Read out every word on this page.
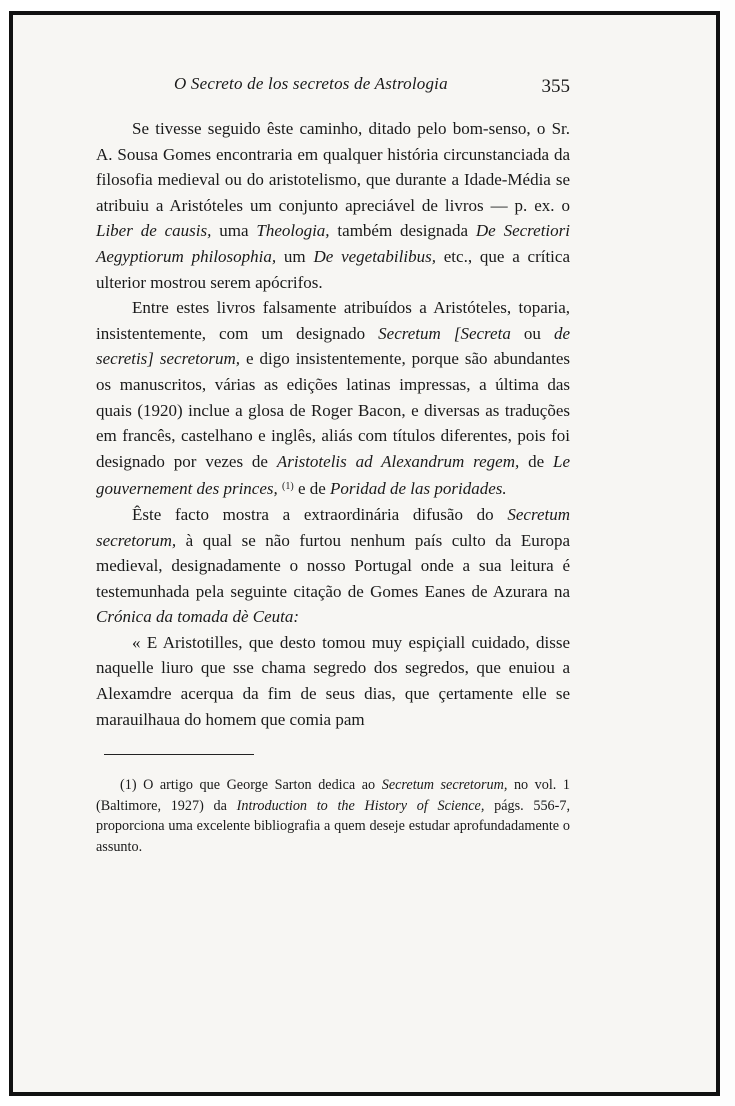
O Secreto de los secretos de Astrologia	355

Se tivesse seguido êste caminho, ditado pelo bom-senso, o Sr. A. Sousa Gomes encontraria em qualquer história circunstanciada da filosofia medieval ou do aristotelismo, que durante a Idade-Média se atribuiu a Aristóteles um conjunto apreciável de livros — p. ex. o Liber de causis, uma Theologia, também designada De Secretiori Aegyptiorum philosophia, um De vegetabilibus, etc., que a crítica ulterior mostrou serem apócrifos.

Entre estes livros falsamente atribuídos a Aristóteles, toparia, insistentemente, com um designado Secretum [Secreta ou de secretis] secretorum, e digo insistentemente, porque são abundantes os manuscritos, várias as edições latinas impressas, a última das quais (1920) inclue a glosa de Roger Bacon, e diversas as traduções em francês, castelhano e inglês, aliás com títulos diferentes, pois foi designado por vezes de Aristotelis ad Alexandrum regem, de Le gouvernement des princes, $^{(1)}$ e de Poridad de las poridades.

Êste facto mostra a extraordinária difusão do Secretum secretorum, à qual se não furtou nenhum país culto da Europa medieval, designadamente o nosso Portugal onde a sua leitura é testemunhada pela seguinte citação de Gomes Eanes de Azurara na Crónica da tomada dè Ceuta:

« E Aristotilles, que desto tomou muy espiçiall cuidado, disse naquelle liuro que sse chama segredo dos segredos, que enuiou a Alexamdre acerqua da fim de seus dias, que çertamente elle se marauilhaua do homem que comia pam

(1) O artigo que George Sarton dedica ao Secretum secretorum, no vol. 1 (Baltimore, 1927) da Introduction to the History of Science, págs. 556-7, proporciona uma excelente bibliografia a quem deseje estudar aprofundadamente o assunto.
